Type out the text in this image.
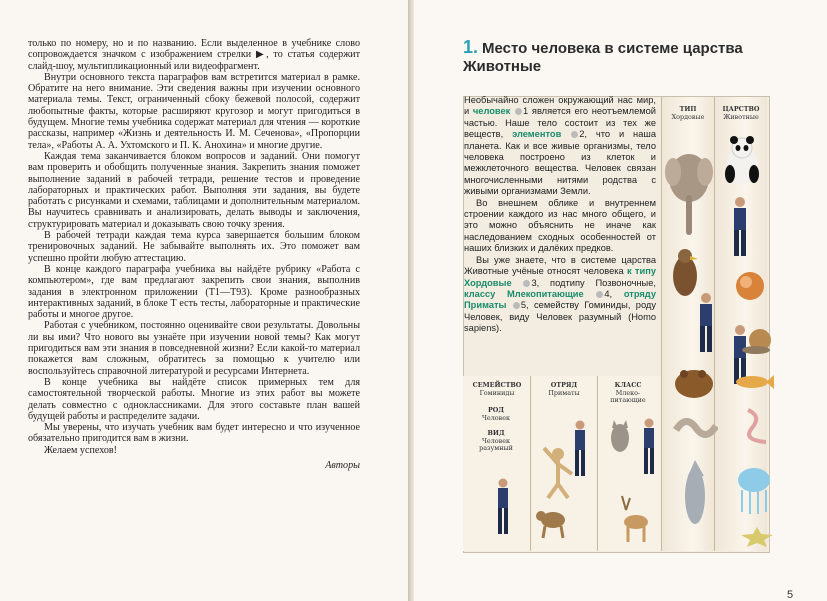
только по номеру, но и по названию. Если выделенное в учебнике слово сопровождается значком с изображением стрелки ▶, то статья содержит слайд-шоу, мультипликационный или видеофрагмент.

Внутри основного текста параграфов вам встретится материал в рамке. Обратите на него внимание. Эти сведения важны при изучении основного материала темы. Текст, ограниченный сбоку бежевой полосой, содержит любопытные факты, которые расширяют кругозор и могут пригодиться в будущем. Многие темы учебника содержат материал для чтения — короткие рассказы, например «Жизнь и деятельность И. М. Сеченова», «Пропорции тела», «Работы А. А. Ухтомского и П. К. Анохина» и многие другие.

Каждая тема заканчивается блоком вопросов и заданий. Они помогут вам проверить и обобщить полученные знания. Закрепить знания поможет выполнение заданий в рабочей тетради, решение тестов и проведение лабораторных и практических работ. Выполняя эти задания, вы будете работать с рисунками и схемами, таблицами и дополнительным материалом. Вы научитесь сравнивать и анализировать, делать выводы и заключения, структурировать материал и доказывать свою точку зрения.

В рабочей тетради каждая тема курса завершается большим блоком тренировочных заданий. Не забывайте выполнять их. Это поможет вам успешно пройти любую аттестацию.

В конце каждого параграфа учебника вы найдёте рубрику «Работа с компьютером», где вам предлагают закрепить свои знания, выполнив задания в электронном приложении (Т1—Т93). Кроме разнообразных интерактивных заданий, в блоке Т есть тесты, лабораторные и практические работы и многое другое.

Работая с учебником, постоянно оценивайте свои результаты. Довольны ли вы ими? Что нового вы узнаёте при изучении новой темы? Как могут пригодиться вам эти знания в повседневной жизни? Если какой-то материал покажется вам сложным, обратитесь за помощью к учителю или воспользуйтесь справочной литературой и ресурсами Интернета.

В конце учебника вы найдёте список примерных тем для самостоятельной творческой работы. Многие из этих работ вы можете делать совместно с одноклассниками. Для этого составьте план вашей будущей работы и распределите задачи.

Мы уверены, что изучать учебник вам будет интересно и что изученное обязательно пригодится вам в жизни.

Желаем успехов!

Авторы

1. Место человека в системе царства Животные

Необычайно сложен окружающий нас мир, и человек 1 является его неотъемлемой частью. Наше тело состоит из тех же веществ, элементов 2, что и наша планета. Как и все живые организмы, тело человека построено из клеток и межклеточного вещества. Человек связан многочисленными нитями родства с живыми организмами Земли.

Во внешнем облике и внутреннем строении каждого из нас много общего, и это можно объяснить не иначе как наследованием сходных особенностей от наших близких и далёких предков.

Вы уже знаете, что в системе царства Животные учёные относят человека к типу Хордовые 3, подтипу Позвоночные, классу Млекопитающие 4, отряду Приматы 5, семейству Гоминиды, роду Человек, виду Человек разумный (Homo sapiens).

ТИП
Хордовые
ЦАРСТВО
Животные
СЕМЕЙСТВО
Гоминиды
ОТРЯД
Приматы
КЛАСС
Млеко-питающие
РОД
Человек
ВИД
Человек разумный
5
